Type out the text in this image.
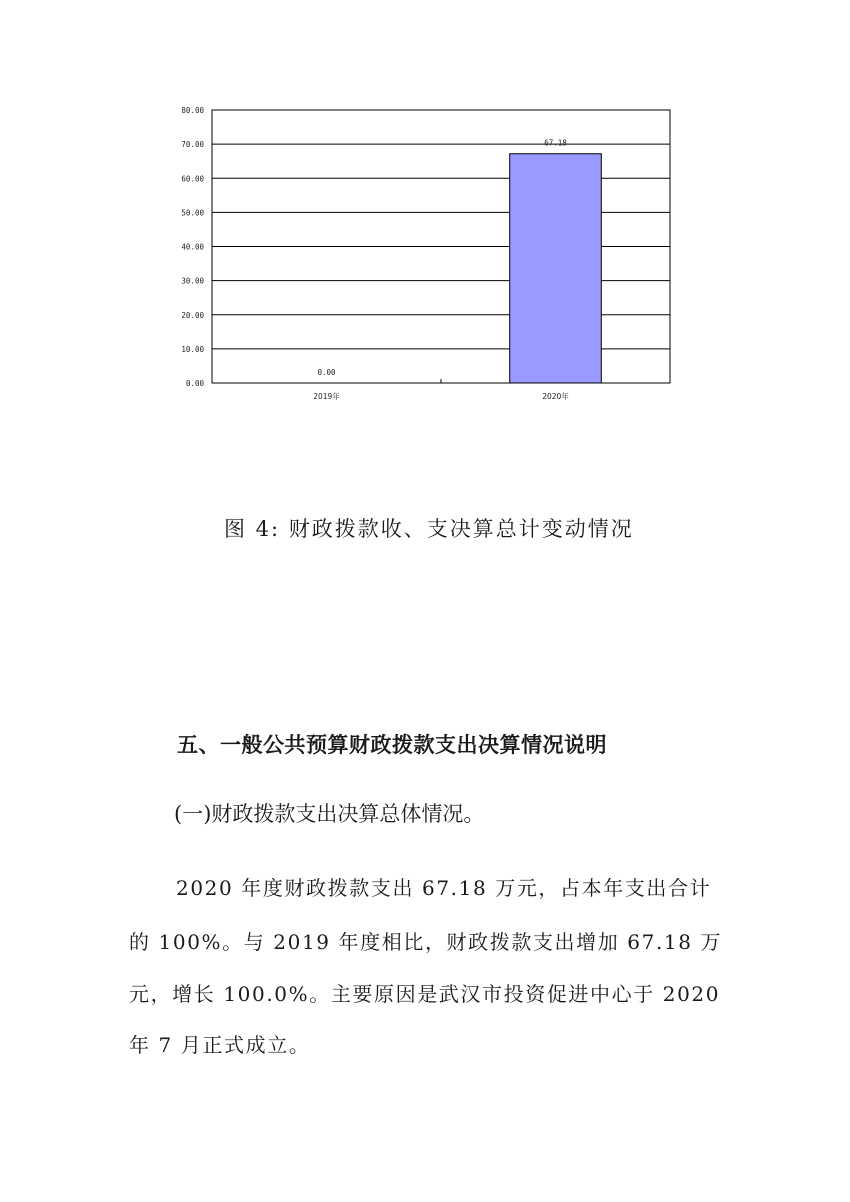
0.00
10.00
20.00
30.00
40.00
50.00
60.00
70.00
80.00
0.00
2019年
67.18
2020年
图 4: 财政拨款收、支决算总计变动情况
五、一般公共预算财政拨款支出决算情况说明
(一)财政拨款支出决算总体情况。
2020 年度财政拨款支出 67.18 万元，占本年支出合计
的 100%。与 2019 年度相比，财政拨款支出增加 67.18 万
元，增长 100.0%。主要原因是武汉市投资促进中心于 2020
年 7 月正式成立。
